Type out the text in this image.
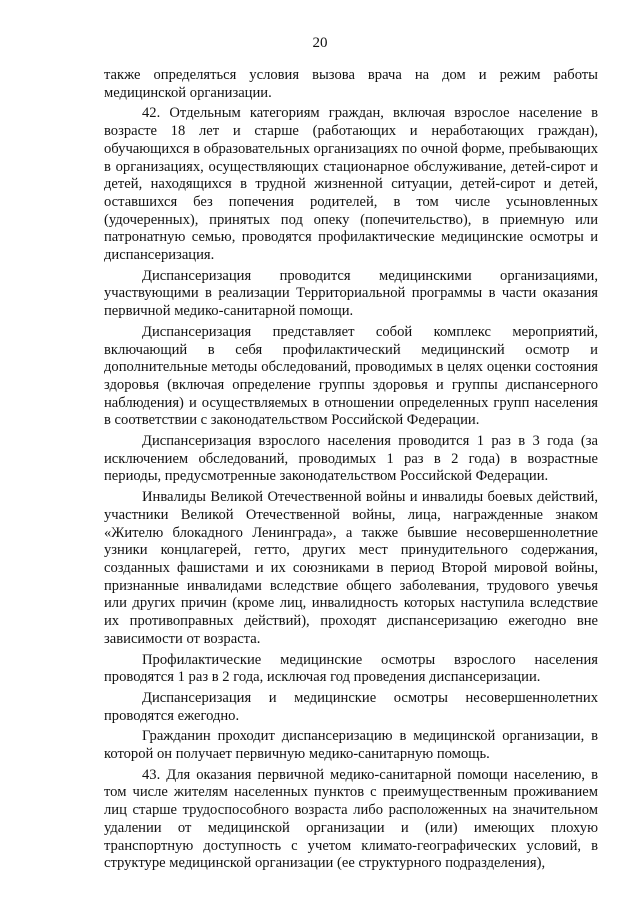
20

также определяться условия вызова врача на дом и режим работы медицинской организации.

42. Отдельным категориям граждан, включая взрослое население в возрасте 18 лет и старше (работающих и неработающих граждан), обучающихся в образовательных организациях по очной форме, пребывающих в организациях, осуществляющих стационарное обслуживание, детей-сирот и детей, находящихся в трудной жизненной ситуации, детей-сирот и детей, оставшихся без попечения родителей, в том числе усыновленных (удочеренных), принятых под опеку (попечительство), в приемную или патронатную семью, проводятся профилактические медицинские осмотры и диспансеризация.

Диспансеризация проводится медицинскими организациями, участвующими в реализации Территориальной программы в части оказания первичной медико-санитарной помощи.

Диспансеризация представляет собой комплекс мероприятий, включающий в себя профилактический медицинский осмотр и дополнительные методы обследований, проводимых в целях оценки состояния здоровья (включая определение группы здоровья и группы диспансерного наблюдения) и осуществляемых в отношении определенных групп населения в соответствии с законодательством Российской Федерации.

Диспансеризация взрослого населения проводится 1 раз в 3 года (за исключением обследований, проводимых 1 раз в 2 года) в возрастные периоды, предусмотренные законодательством Российской Федерации.

Инвалиды Великой Отечественной войны и инвалиды боевых действий, участники Великой Отечественной войны, лица, награжденные знаком «Жителю блокадного Ленинграда», а также бывшие несовершеннолетние узники концлагерей, гетто, других мест принудительного содержания, созданных фашистами и их союзниками в период Второй мировой войны, признанные инвалидами вследствие общего заболевания, трудового увечья или других причин (кроме лиц, инвалидность которых наступила вследствие их противоправных действий), проходят диспансеризацию ежегодно вне зависимости от возраста.

Профилактические медицинские осмотры взрослого населения проводятся 1 раз в 2 года, исключая год проведения диспансеризации.

Диспансеризация и медицинские осмотры несовершеннолетних проводятся ежегодно.

Гражданин проходит диспансеризацию в медицинской организации, в которой он получает первичную медико-санитарную помощь.

43. Для оказания первичной медико-санитарной помощи населению, в том числе жителям населенных пунктов с преимущественным проживанием лиц старше трудоспособного возраста либо расположенных на значительном удалении от медицинской организации и (или) имеющих плохую транспортную доступность с учетом климато-географических условий, в структуре медицинской организации (ее структурного подразделения),
